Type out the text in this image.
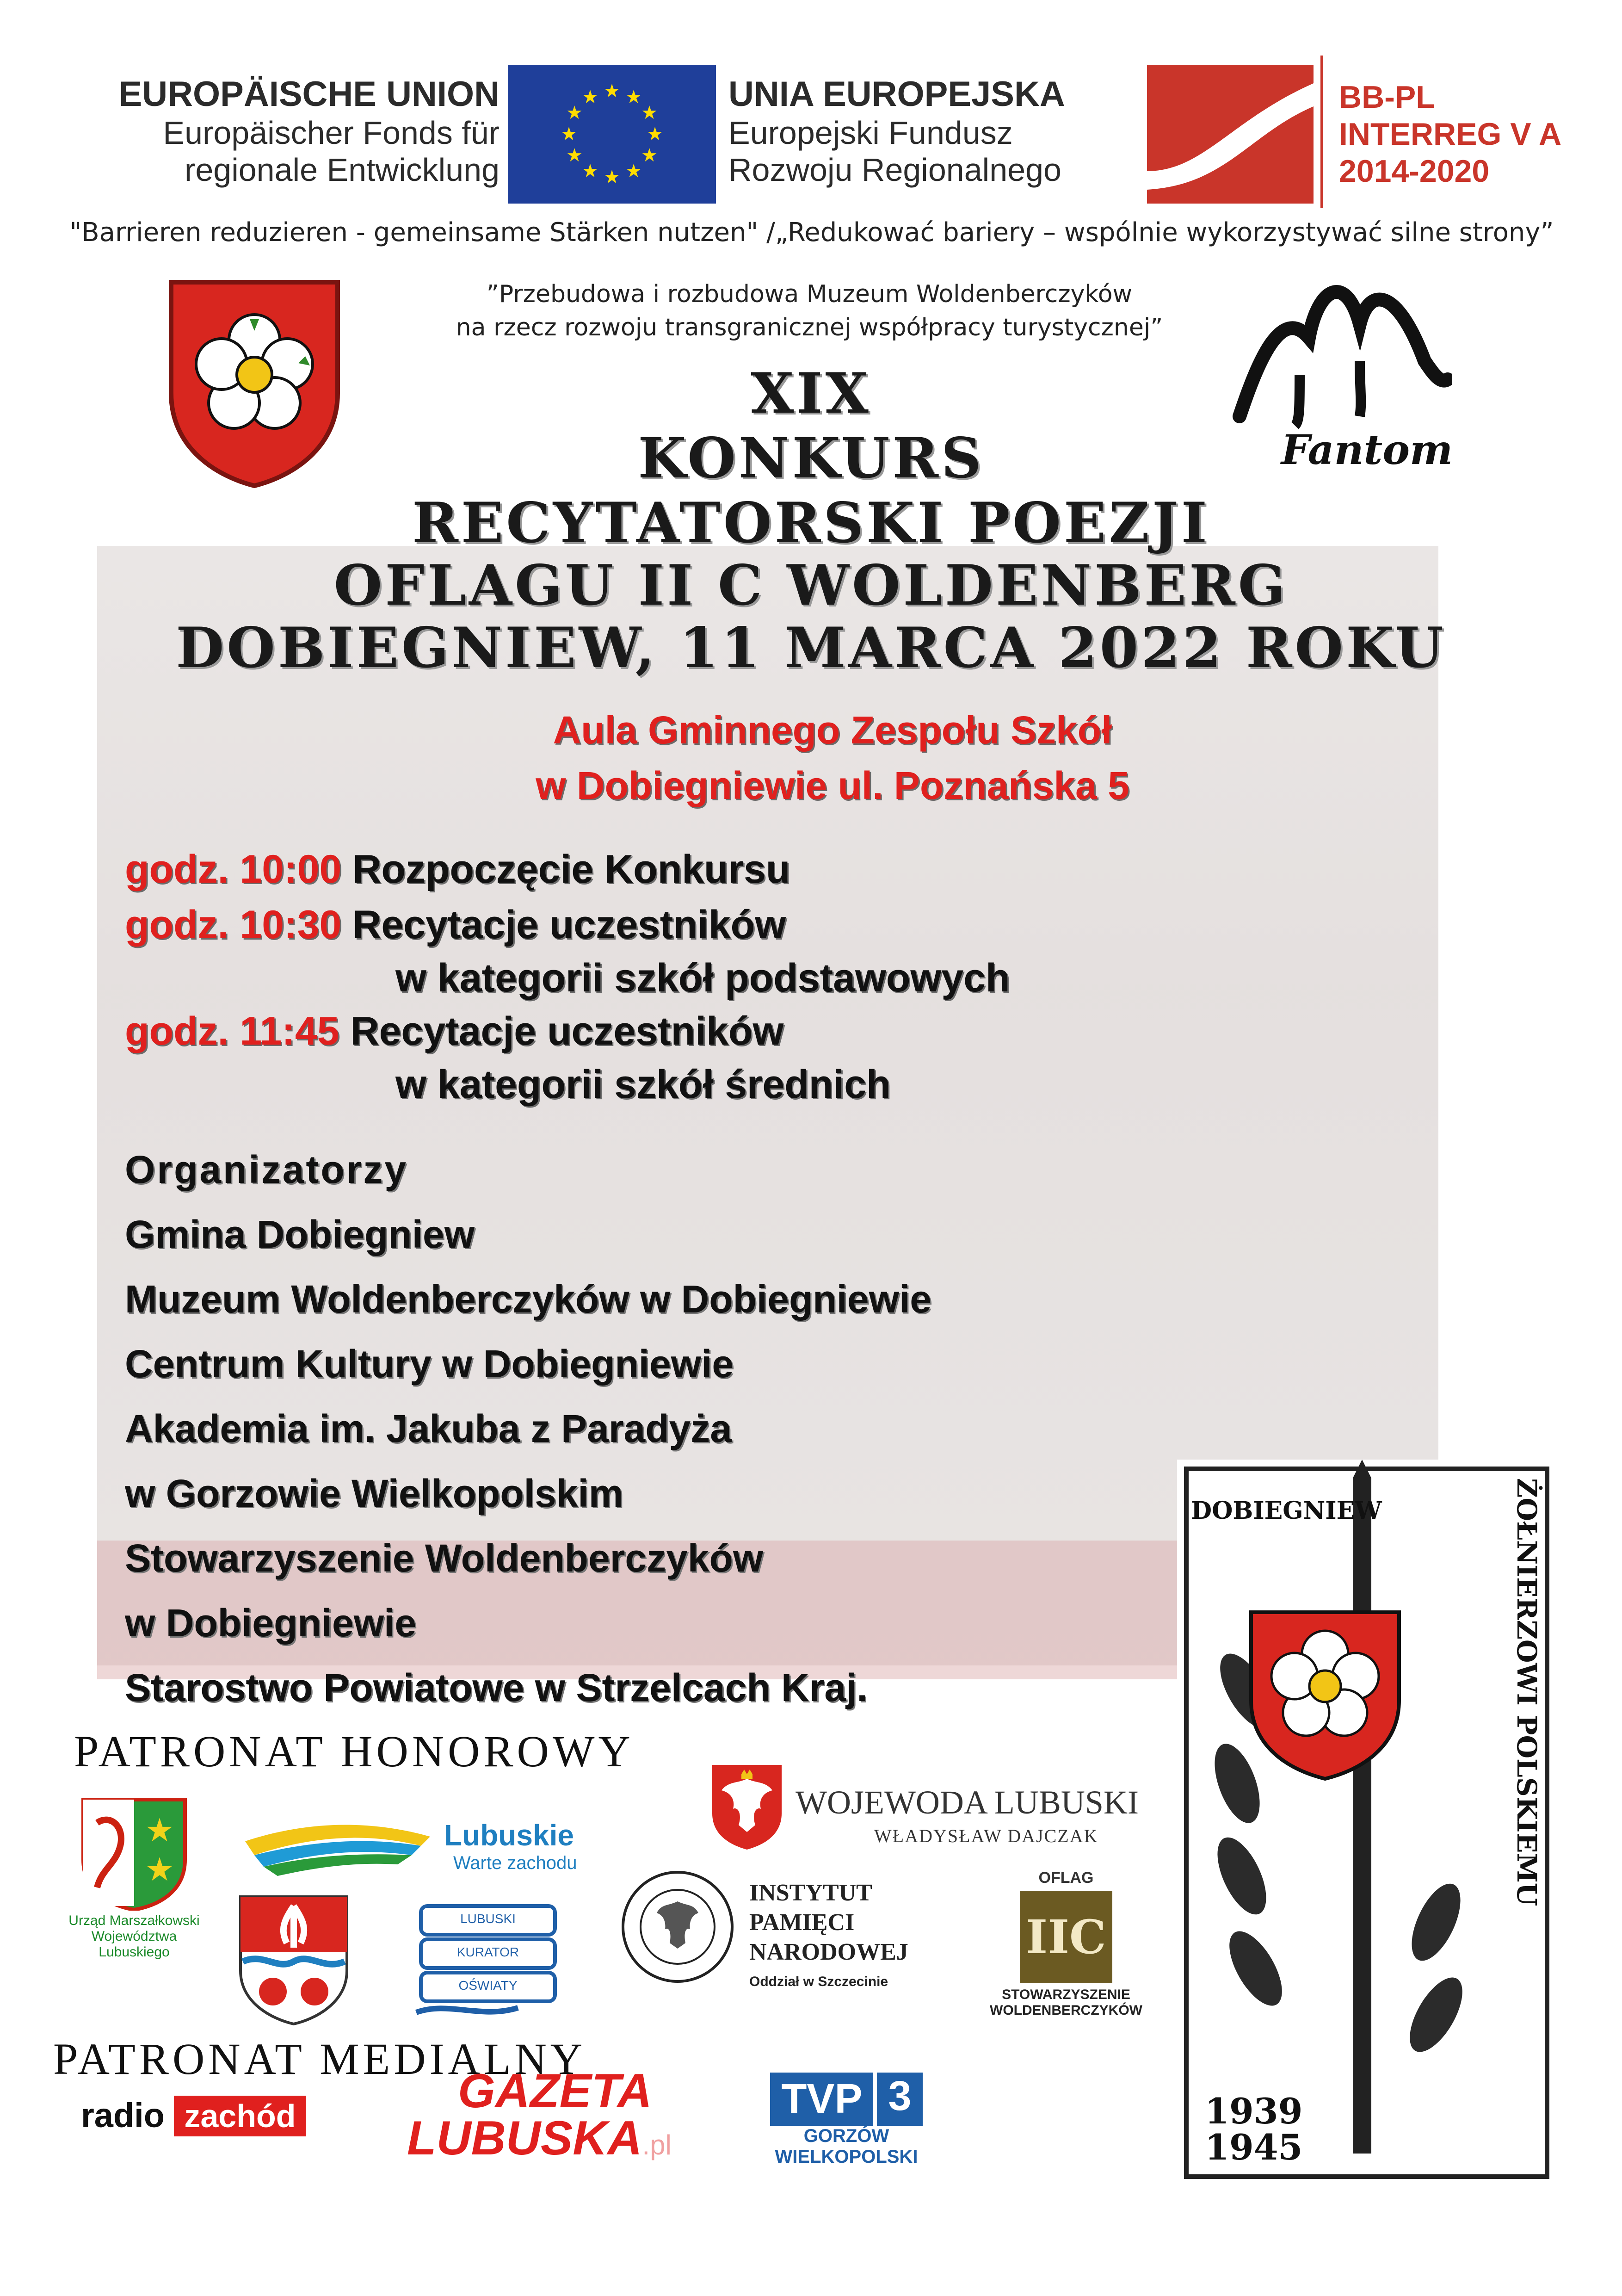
EUROPÄISCHE UNION
Europäischer Fonds für
regionale Entwicklung
★ ★
★
★
★
★
★
★
★
★
★
★	UNIA EUROPEJSKA
Europejski Fundusz
Rozwoju Regionalnego
BB-PL
INTERREG V A
2014-2020
"Barrieren reduzieren - gemeinsame Stärken nutzen" /„Redukować bariery – wspólnie wykorzystywać silne strony”
”Przebudowa i rozbudowa Muzeum Woldenberczyków
na rzecz rozwoju transgranicznej współpracy turystycznej”
Fantom
XIX
KONKURS
RECYTATORSKI POEZJI
OFLAGU II C WOLDENBERG
DOBIEGNIEW, 11 MARCA 2022 ROKU
Aula Gminnego Zespołu Szkół
w Dobiegniewie ul. Poznańska 5
godz. 10:00 Rozpoczęcie Konkursu
godz. 10:30 Recytacje uczestników
w kategorii szkół podstawowych
godz. 11:45 Recytacje uczestników
w kategorii szkół średnich
Organizatorzy
Gmina Dobiegniew
Muzeum Woldenberczyków w Dobiegniewie
Centrum Kultury w Dobiegniewie
Akademia im. Jakuba z Paradyża
w Gorzowie Wielkopolskim
Stowarzyszenie Woldenberczyków
w Dobiegniewie
Starostwo Powiatowe w Strzelcach Kraj.
PATRONAT HONOROWY
★
★
Urząd Marszałkowski
Województwa Lubuskiego
Lubuskie
Warte zachodu
WOJEWODA LUBUSKI
WŁADYSŁAW DAJCZAK
LUBUSKI
KURATOR
OŚWIATY
INSTYTUT
PAMIĘCI
NARODOWEJ
Oddział w Szczecinie
OFLAG
IIC
STOWARZYSZENIE
WOLDENBERCZYKÓW
PATRONAT MEDIALNY
radio zachód	GAZETA
LUBUSKA.pl
TVP 3
GORZÓW
WIELKOPOLSKI
DOBIEGNIEW	ŻOŁNIERZOWI POLSKIEMU
1939
1945
